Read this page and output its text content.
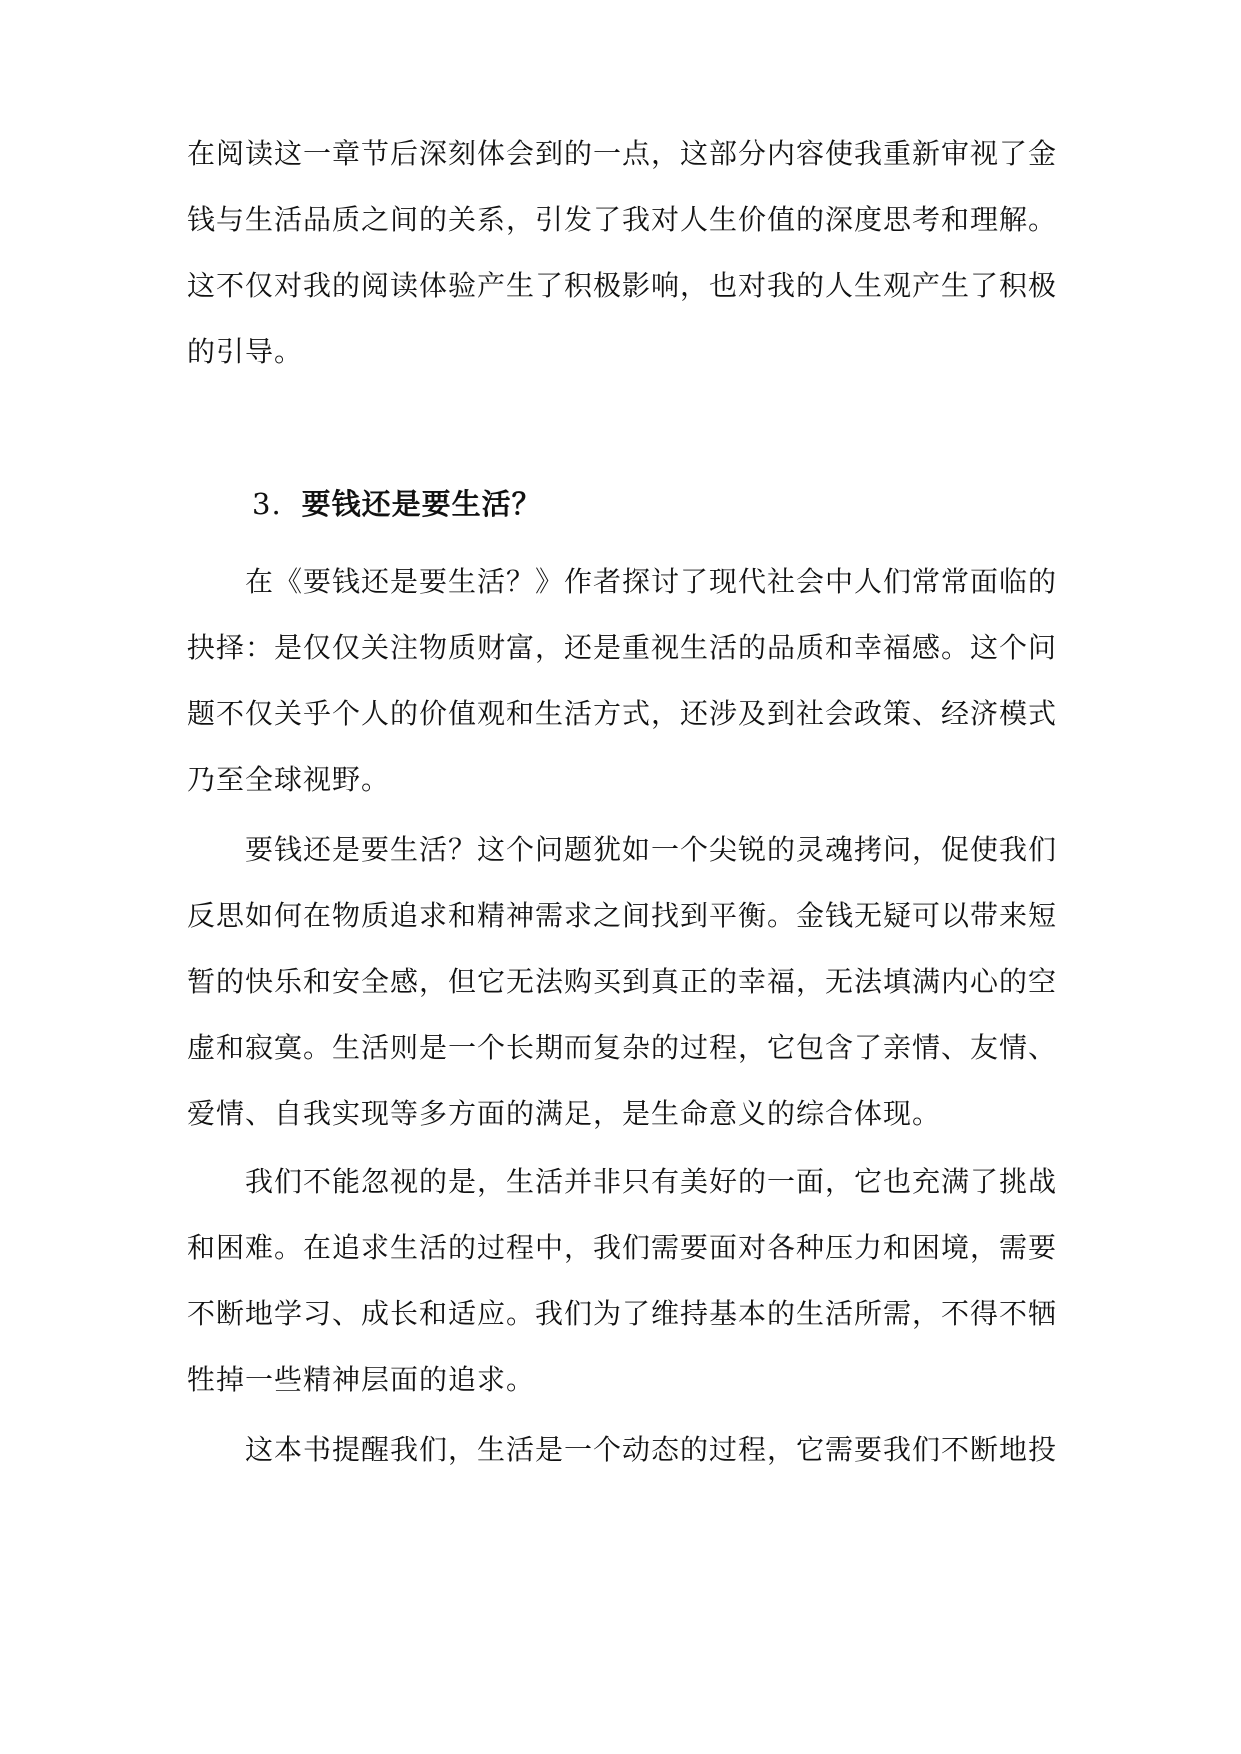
在阅读这一章节后深刻体会到的一点，这部分内容使我重新审视了金
钱与生活品质之间的关系，引发了我对人生价值的深度思考和理解。
这不仅对我的阅读体验产生了积极影响，也对我的人生观产生了积极
的引导。
3. 要钱还是要生活？
在《要钱还是要生活？》作者探讨了现代社会中人们常常面临的
抉择：是仅仅关注物质财富，还是重视生活的品质和幸福感。这个问
题不仅关乎个人的价值观和生活方式，还涉及到社会政策、经济模式
乃至全球视野。
要钱还是要生活？这个问题犹如一个尖锐的灵魂拷问，促使我们
反思如何在物质追求和精神需求之间找到平衡。金钱无疑可以带来短
暂的快乐和安全感，但它无法购买到真正的幸福，无法填满内心的空
虚和寂寞。生活则是一个长期而复杂的过程，它包含了亲情、友情、
爱情、自我实现等多方面的满足，是生命意义的综合体现。
我们不能忽视的是，生活并非只有美好的一面，它也充满了挑战
和困难。在追求生活的过程中，我们需要面对各种压力和困境，需要
不断地学习、成长和适应。我们为了维持基本的生活所需，不得不牺
牲掉一些精神层面的追求。
这本书提醒我们，生活是一个动态的过程，它需要我们不断地投
